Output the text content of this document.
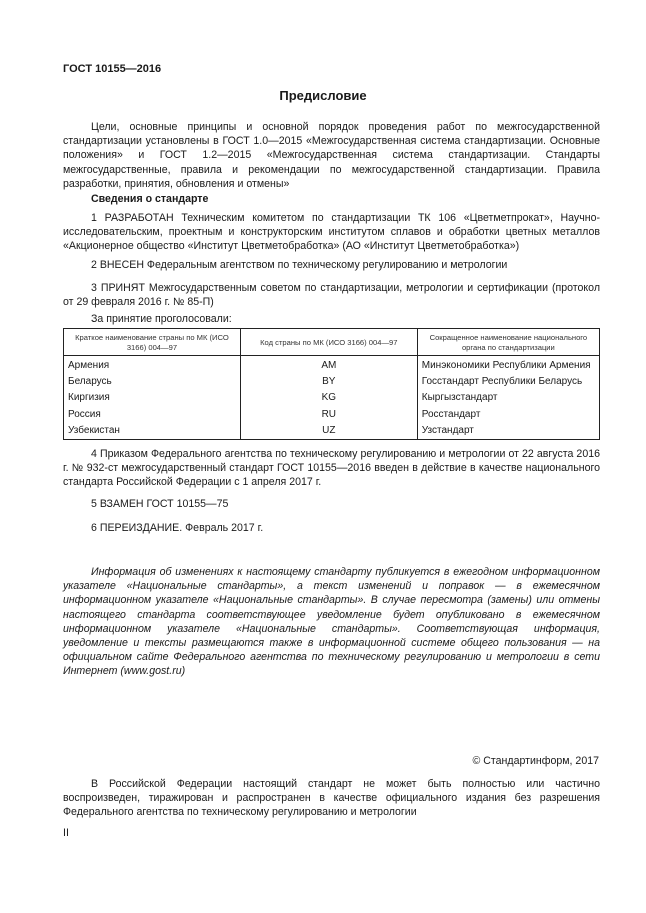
ГОСТ 10155—2016
Предисловие

Цели, основные принципы и основной порядок проведения работ по межгосударственной стандартизации установлены в ГОСТ 1.0—2015 «Межгосударственная система стандартизации. Основные положения» и ГОСТ 1.2—2015 «Межгосударственная система стандартизации. Стандарты межгосударственные, правила и рекомендации по межгосударственной стандартизации. Правила разработки, принятия, обновления и отмены»

Сведения о стандарте

1 РАЗРАБОТАН Техническим комитетом по стандартизации ТК 106 «Цветметпрокат», Научно-исследовательским, проектным и конструкторским институтом сплавов и обработки цветных металлов «Акционерное общество «Институт Цветметобработка» (АО «Институт Цветметобработка»)

2 ВНЕСЕН Федеральным агентством по техническому регулированию и метрологии

3 ПРИНЯТ Межгосударственным советом по стандартизации, метрологии и сертификации (протокол от 29 февраля 2016 г. № 85-П)

За принятие проголосовали:
Краткое наименование страны по МК (ИСО 3166) 004—97	Код страны по МК (ИСО 3166) 004—97	Сокращенное наименование национального органа по стандартизации
Армения	AM	Минэкономики Республики Армения
Беларусь	BY	Госстандарт Республики Беларусь
Киргизия	KG	Кыргызстандарт
Россия	RU	Росстандарт
Узбекистан	UZ	Узстандарт

4 Приказом Федерального агентства по техническому регулированию и метрологии от 22 августа 2016 г. № 932-ст межгосударственный стандарт ГОСТ 10155—2016 введен в действие в качестве национального стандарта Российской Федерации с 1 апреля 2017 г.

5 ВЗАМЕН ГОСТ 10155—75

6 ПЕРЕИЗДАНИЕ. Февраль 2017 г.

Информация об изменениях к настоящему стандарту публикуется в ежегодном информационном указателе «Национальные стандарты», а текст изменений и поправок — в ежемесячном информационном указателе «Национальные стандарты». В случае пересмотра (замены) или отмены настоящего стандарта соответствующее уведомление будет опубликовано в ежемесячном информационном указателе «Национальные стандарты». Соответствующая информация, уведомление и тексты размещаются также в информационной системе общего пользования — на официальном сайте Федерального агентства по техническому регулированию и метрологии в сети Интернет (www.gost.ru)

© Стандартинформ, 2017

В Российской Федерации настоящий стандарт не может быть полностью или частично воспроизведен, тиражирован и распространен в качестве официального издания без разрешения Федерального агентства по техническому регулированию и метрологии

II
